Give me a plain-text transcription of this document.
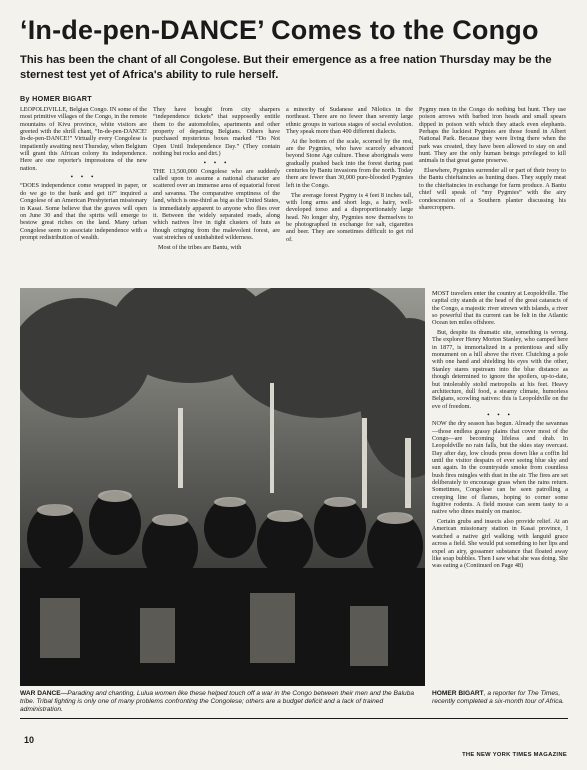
‘In-de-pen-DANCE’ Comes to the Congo
This has been the chant of all Congolese. But their emergence as a free nation Thursday may be the sternest test yet of Africa's ability to rule herself.
By HOMER BIGART

LEOPOLDVILLE, Belgian Congo. IN some of the most primitive villages of the Congo, in the remote mountains of Kivu province, white visitors are greeted with the shrill chant, “In-de-pen-DANCE! In-de-pen-DANCE!” Virtually every Congolese is impatiently awaiting next Thursday, when Belgium will grant this African colony its independence. Here are one reporter's impressions of the new nation.

• • •

“DOES independence come wrapped in paper, or do we go to the bank and get it?” inquired a Congolese of an American Presbyterian missionary in Kasai. Some believe that the graves will open on June 30 and that the spirits will emerge to bestow great riches on the land. Many urban Congolese seem to associate independence with a prompt redistribution of wealth.

They have bought from city sharpers “independence tickets” that supposedly entitle them to the automobiles, apartments and other property of departing Belgians. Others have purchased mysterious boxes marked “Do Not Open Until Independence Day.” (They contain nothing but rocks and dirt.)

• • •

THE 13,500,000 Congolese who are suddenly called upon to assume a national character are scattered over an immense area of equatorial forest and savanna. The comparative emptiness of the land, which is one-third as big as the United States, is immediately apparent to anyone who flies over it. Between the widely separated roads, along which natives live in tight clusters of huts as though cringing from the malevolent forest, are vast stretches of uninhabited wilderness.

Most of the tribes are Bantu, with

a minority of Sudanese and Nilotics in the northeast. There are no fewer than seventy large ethnic groups in various stages of social evolution. They speak more than 400 different dialects.

At the bottom of the scale, scorned by the rest, are the Pygmies, who have scarcely advanced beyond Stone Age culture. These aboriginals were gradually pushed back into the forest during past centuries by Bantu invasions from the north. Today there are fewer than 30,000 pure-blooded Pygmies left in the Congo.

The average forest Pygmy is 4 feet 8 inches tall, with long arms and short legs, a hairy, well-developed torso and a disproportionately large head. No longer shy, Pygmies now themselves to be photographed in exchange for salt, cigarettes and beer. They are sometimes difficult to get rid of.

Pygmy men in the Congo do nothing but hunt. They use poison arrows with barbed iron heads and small spears dipped in poison with which they attack even elephants. Perhaps the luckiest Pygmies are those found in Albert National Park. Because they were living there when the park was created, they have been allowed to stay on and hunt. They are the only human beings privileged to kill animals in that great game preserve.

Elsewhere, Pygmies surrender all or part of their ivory to the Bantu chieftaincies as hunting dues. They supply meat to the chieftaincies in exchange for farm produce. A Bantu chief will speak of “my Pygmies” with the airy condescension of a Southern planter discussing his sharecroppers.

MOST travelers enter the country at Leopoldville. The capital city stands at the head of the great cataracts of the Congo, a majestic river strewn with islands, a river so powerful that its current can be felt in the Atlantic Ocean ten miles offshore.

But, despite its dramatic site, something is wrong. The explorer Henry Morton Stanley, who camped here in 1877, is immortalized in a pretentious and silly monument on a hill above the river. Clutching a pole with one hand and shielding his eyes with the other, Stanley stares upstream into the blue distance as though determined to ignore the spoilers, up-to-date, but intolerably stolid metropolis at his feet. Heavy architecture, dull food, a steamy climate, humorless Belgians, scowling natives: this is Leopoldville on the eve of freedom.

• • •

NOW the dry season has begun. Already the savannas—those endless grassy plains that cover most of the Congo—are becoming lifeless and drab. In Leopoldville no rain falls, but the skies stay overcast. Day after day, low clouds press down like a coffin lid until the visitor despairs of ever seeing blue sky and sun again. In the countryside smoke from countless bush fires mingles with dust in the air. The fires are set deliberately to encourage grass when the rains return. Sometimes, Congolese can be seen patrolling a creeping line of flames, hoping to corner some fugitive rodents. A field mouse can seem tasty to a native who dines mainly on manioc.

Certain grubs and insects also provide relief. At an American missionary station in Kasai province, I watched a native girl walking with languid grace across a field. She would put something to her lips and expel an airy, gossamer substance that floated away like soap bubbles. Then I saw what she was doing. She was eating a (Continued on Page 48)

WAR DANCE—Parading and chanting, Lulua women like these helped touch off a war in the Congo between their men and the Baluba tribe. Tribal fighting is only one of many problems confronting the Congolese; others are a budget deficit and a lack of trained administration.
HOMER BIGART, a reporter for The Times, recently completed a six-month tour of Africa.
10
THE NEW YORK TIMES MAGAZINE
